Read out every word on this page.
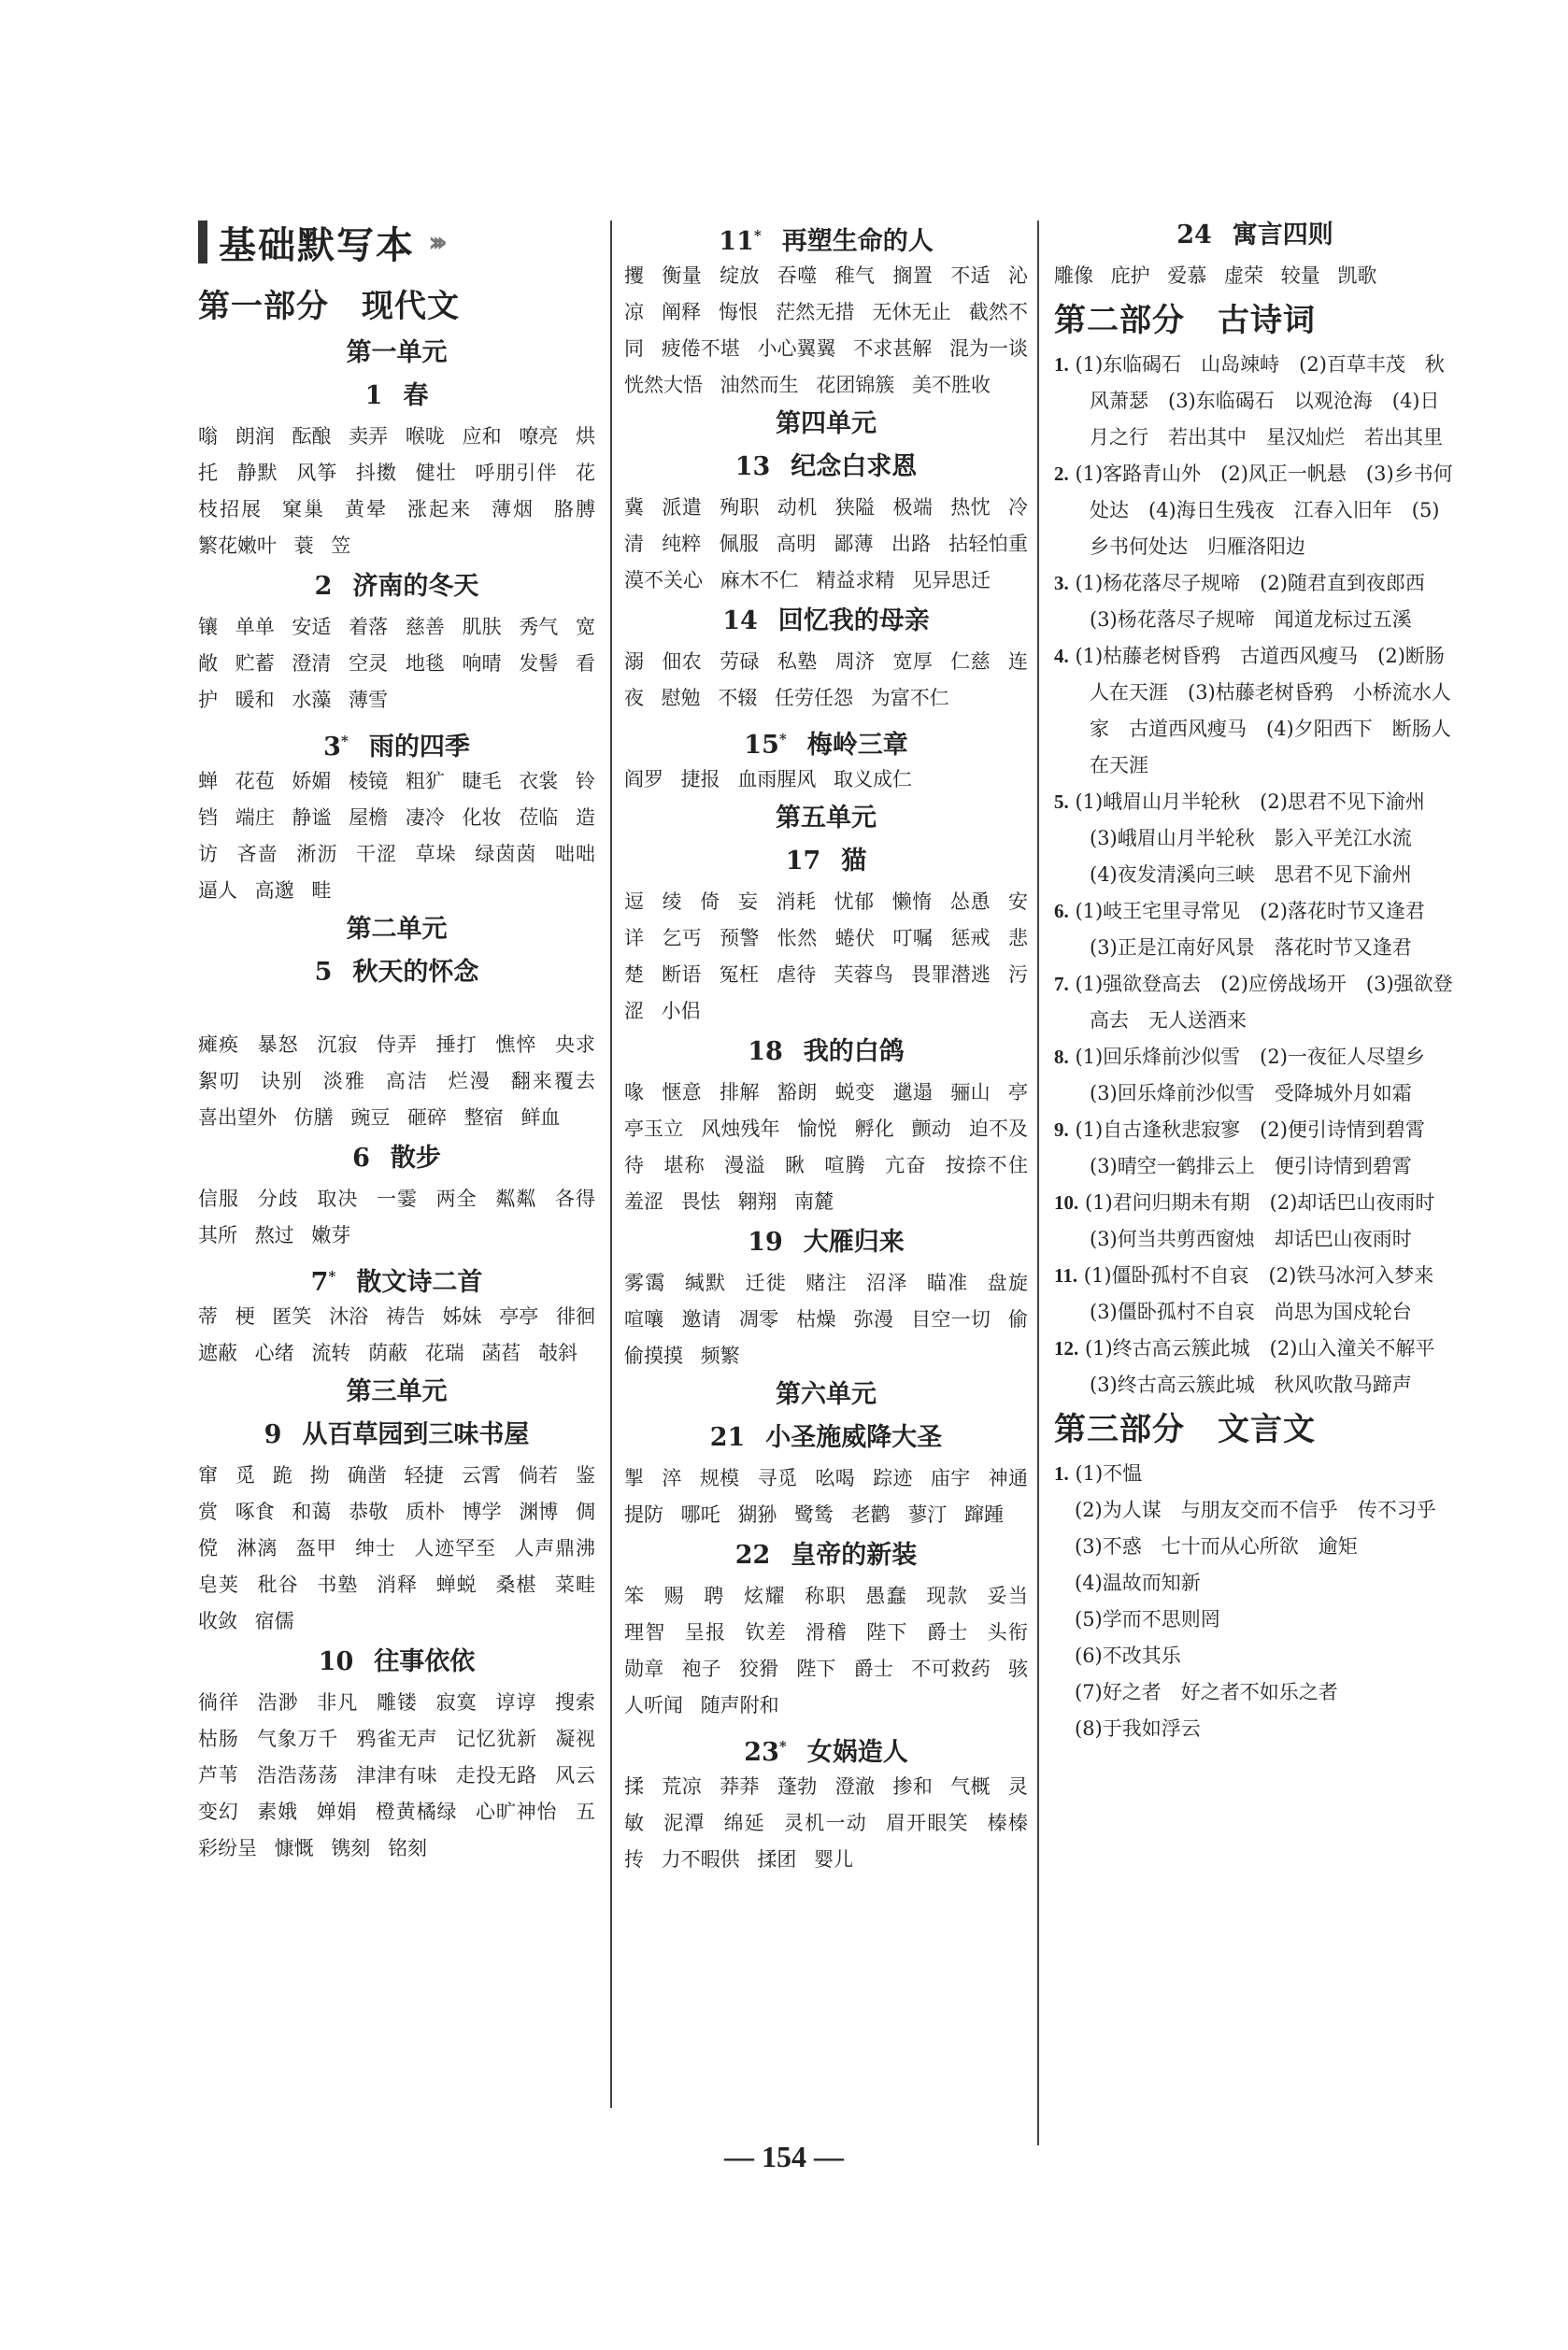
基础默写本 ›››
第一部分　现代文
第一单元
1 春
嗡 朗润 酝酿 卖弄 喉咙 应和 嘹亮 烘托 静默 风筝 抖擞 健壮 呼朋引伴 花枝招展 窠巢 黄晕 涨起来 薄烟 胳膊 繁花嫩叶 蓑 笠
2 济南的冬天
镶 单单 安适 着落 慈善 肌肤 秀气 宽敞 贮蓄 澄清 空灵 地毯 响晴 发髻 看护 暖和 水藻 薄雪
3* 雨的四季
蝉 花苞 娇媚 棱镜 粗犷 睫毛 衣裳 铃铛 端庄 静谧 屋檐 凄冷 化妆 莅临 造访 吝啬 淅沥 干涩 草垛 绿茵茵 咄咄逼人 高邈 畦
第二单元
5 秋天的怀念
瘫痪 暴怒 沉寂 侍弄 捶打 憔悴 央求 絮叨 诀别 淡雅 高洁 烂漫 翻来覆去 喜出望外 仿膳 豌豆 砸碎 整宿 鲜血
6 散步
信服 分歧 取决 一霎 两全 粼粼 各得其所 熬过 嫩芽
7* 散文诗二首
蒂 梗 匿笑 沐浴 祷告 姊妹 亭亭 徘徊 遮蔽 心绪 流转 荫蔽 花瑞 菡萏 攲斜
第三单元
9 从百草园到三味书屋
窜 觅 跪 拗 确凿 轻捷 云霄 倘若 鉴赏 啄食 和蔼 恭敬 质朴 博学 渊博 倜傥 淋漓 盔甲 绅士 人迹罕至 人声鼎沸 皂荚 秕谷 书塾 消释 蝉蜕 桑椹 菜畦 收敛 宿儒
10 往事依依
徜徉 浩渺 非凡 雕镂 寂寞 谆谆 搜索枯肠 气象万千 鸦雀无声 记忆犹新 凝视 芦苇 浩浩荡荡 津津有味 走投无路 风云变幻 素娥 婵娟 橙黄橘绿 心旷神怡 五彩纷呈 慷慨 镌刻 铭刻
11* 再塑生命的人
攫 衡量 绽放 吞噬 稚气 搁置 不适 沁凉 阐释 悔恨 茫然无措 无休无止 截然不同 疲倦不堪 小心翼翼 不求甚解 混为一谈 恍然大悟 油然而生 花团锦簇 美不胜收
第四单元
13 纪念白求恩
冀 派遣 殉职 动机 狭隘 极端 热忱 冷清 纯粹 佩服 高明 鄙薄 出路 拈轻怕重 漠不关心 麻木不仁 精益求精 见异思迁
14 回忆我的母亲
溺 佃农 劳碌 私塾 周济 宽厚 仁慈 连夜 慰勉 不辍 任劳任怨 为富不仁
15* 梅岭三章
阎罗 捷报 血雨腥风 取义成仁
第五单元
17 猫
逗 绫 倚 妄 消耗 忧郁 懒惰 怂恿 安详 乞丐 预警 怅然 蜷伏 叮嘱 惩戒 悲楚 断语 冤枉 虐待 芙蓉鸟 畏罪潜逃 污涩 小侣
18 我的白鸽
喙 惬意 排解 豁朗 蜕变 邋遢 骊山 亭亭玉立 风烛残年 愉悦 孵化 颤动 迫不及待 堪称 漫溢 瞅 喧腾 亢奋 按捺不住 羞涩 畏怯 翱翔 南麓
19 大雁归来
雾霭 缄默 迁徙 赌注 沼泽 瞄准 盘旋 喧嚷 邀请 凋零 枯燥 弥漫 目空一切 偷偷摸摸 频繁
第六单元
21 小圣施威降大圣
掣 淬 规模 寻觅 吆喝 踪迹 庙宇 神通 提防 哪吒 猢狲 鹭鸶 老鹳 蓼汀 蹿踵
22 皇帝的新装
笨 赐 聘 炫耀 称职 愚蠢 现款 妥当 理智 呈报 钦差 滑稽 陛下 爵士 头衔 勋章 袍子 狡猾 陛下 爵士 不可救药 骇人听闻 随声附和
23* 女娲造人
揉 荒凉 莽莽 蓬勃 澄澈 掺和 气概 灵敏 泥潭 绵延 灵机一动 眉开眼笑 榛榛 抟 力不暇供 揉团 婴儿
24 寓言四则
雕像 庇护 爱慕 虚荣 较量 凯歌
第二部分　古诗词
1. (1)东临碣石　山岛竦峙　(2)百草丰茂　秋风萧瑟　(3)东临碣石　以观沧海　(4)日月之行　若出其中　星汉灿烂　若出其里
2. (1)客路青山外　(2)风正一帆悬　(3)乡书何处达　(4)海日生残夜　江春入旧年　(5)乡书何处达　归雁洛阳边
3. (1)杨花落尽子规啼　(2)随君直到夜郎西　(3)杨花落尽子规啼　闻道龙标过五溪
4. (1)枯藤老树昏鸦　古道西风瘦马　(2)断肠人在天涯　(3)枯藤老树昏鸦　小桥流水人家　古道西风瘦马　(4)夕阳西下　断肠人在天涯
5. (1)峨眉山月半轮秋　(2)思君不见下渝州　(3)峨眉山月半轮秋　影入平羌江水流　(4)夜发清溪向三峡　思君不见下渝州
6. (1)岐王宅里寻常见　(2)落花时节又逢君　(3)正是江南好风景　落花时节又逢君
7. (1)强欲登高去　(2)应傍战场开　(3)强欲登高去　无人送酒来
8. (1)回乐烽前沙似雪　(2)一夜征人尽望乡　(3)回乐烽前沙似雪　受降城外月如霜
9. (1)自古逢秋悲寂寥　(2)便引诗情到碧霄　(3)晴空一鹤排云上　便引诗情到碧霄
10. (1)君问归期未有期　(2)却话巴山夜雨时　(3)何当共剪西窗烛　却话巴山夜雨时
11. (1)僵卧孤村不自哀　(2)铁马冰河入梦来　(3)僵卧孤村不自哀　尚思为国戍轮台
12. (1)终古高云簇此城　(2)山入潼关不解平　(3)终古高云簇此城　秋风吹散马蹄声
第三部分　文言文
1. (1)不愠
(2)为人谋　与朋友交而不信乎　传不习乎
(3)不惑　七十而从心所欲　逾矩
(4)温故而知新
(5)学而不思则罔
(6)不改其乐
(7)好之者　好之者不如乐之者
(8)于我如浮云
— 154 —
